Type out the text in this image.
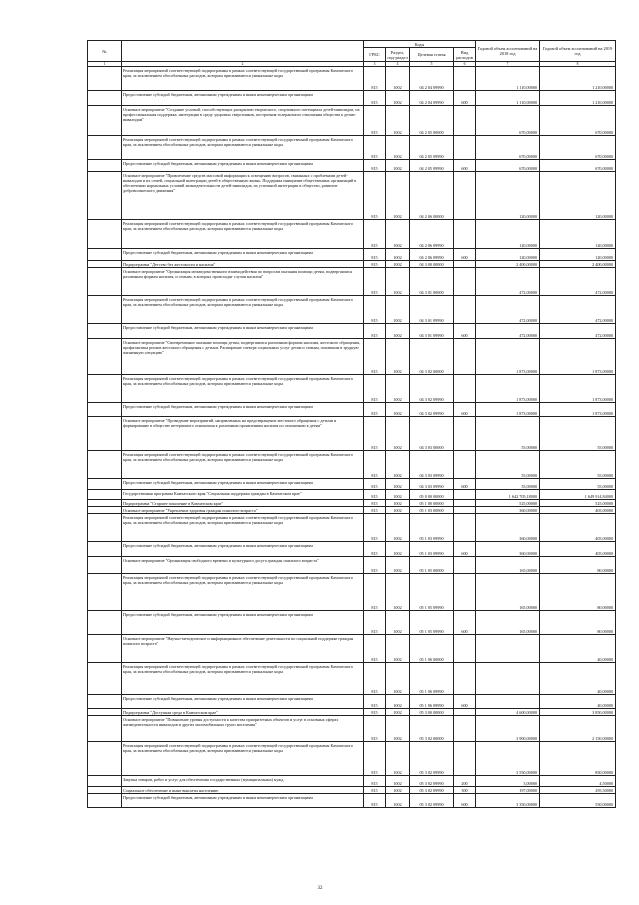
№		Коды				Годовой объем ассигнований на 2018 год	Годовой объем ассигнований на 2019 год
		ГРБС	Раздел, под-раздел	Целевая статья	Вид расходов		
1	2	3	4	5	6	7	8
	Реализация мероприятий соответствующей подпрограммы в рамках соответствующей государственной программы Камчатского края, за исключением обособленных расходов, которым присваиваются уникальные коды	815	1002	04 2 04 09990		1 110,00000	1 210,00000
	Предоставление субсидий бюджетным, автономным учреждениям и иным некоммерческим организациям	815	1002	04 2 04 09990	600	1 110,00000	1 210,00000
	Основное мероприятие "Создание условий, способствующих раскрытию творческого, спортивного потенциала детей-инвалидов, их профессиональная поддержка, интеграция в среду здоровых сверстников, построения толерантного отношения общества к детям-инвалидам"	815	1002	04 2 05 00000		670,00000	670,00000
	Реализация мероприятий соответствующей подпрограммы в рамках соответствующей государственной программы Камчатского края, за исключением обособленных расходов, которым присваиваются уникальные коды	815	1002	04 2 05 09990		670,00000	670,00000
	Предоставление субсидий бюджетным, автономным учреждениям и иным некоммерческим организациям	815	1002	04 2 05 09990	600	670,00000	670,00000
	Основное мероприятие "Привлечение средств массовой информации к освещению вопросов, связанных с проблемами детей-инвалидов и их семей, социальной интеграции детей в общественную жизнь. Поддержка инициатив общественных организаций в обеспечении нормальных условий жизнедеятельности детей-инвалидов, их успешной интеграции в общество, развитие добровольческого движения"	815	1002	04 2 06 00000		120,00000	120,00000
	Реализация мероприятий соответствующей подпрограммы в рамках соответствующей государственной программы Камчатского края, за исключением обособленных расходов, которым присваиваются уникальные коды	815	1002	04 2 06 09990		120,00000	120,00000
	Предоставление субсидий бюджетным, автономным учреждениям и иным некоммерческим организациям	815	1002	04 2 06 09990	600	120,00000	120,00000
	Подпрограмма "Детство без жестокости и насилия"	815	1002	04 3 00 00000		2 400,00000	2 400,00000
	Основное мероприятие "Организация межведомственного взаимодействия по вопросам оказания помощи детям, подвергшимся различным формам насилия, и семьям, в которых происходят случаи насилия"	815	1002	04 3 01 00000		472,00000	472,00000
	Реализация мероприятий соответствующей подпрограммы в рамках соответствующей государственной программы Камчатского края, за исключением обособленных расходов, которым присваиваются уникальные коды	815	1002	04 3 01 09990		472,00000	472,00000
	Предоставление субсидий бюджетным, автономным учреждениям и иным некоммерческим организациям	815	1002	04 3 01 09990	600	472,00000	472,00000
	Основное мероприятие "Своевременное оказание помощи детям, подвергшимся различным формам насилия, жестокого обращения, профилактика рисков жестокого обращения с детьми. Расширение спектра социальных услуг детям и семьям, попавшим в трудную жизненную ситуацию"	815	1002	04 3 02 00000		1 873,00000	1 873,00000
	Реализация мероприятий соответствующей подпрограммы в рамках соответствующей государственной программы Камчатского края, за исключением обособленных расходов, которым присваиваются уникальные коды	815	1002	04 3 02 09990		1 873,00000	1 873,00000
	Предоставление субсидий бюджетным, автономным учреждениям и иным некоммерческим организациям	815	1002	04 3 02 09990	600	1 873,00000	1 873,00000
	Основное мероприятие "Проведение мероприятий, направленных на предотвращение жестокого обращения с детьми и формирование в обществе нетерпимого отношения к различным проявлениям насилия по отношению к детям"	815	1002	04 3 03 00000		55,00000	55,00000
	Реализация мероприятий соответствующей подпрограммы в рамках соответствующей государственной программы Камчатского края, за исключением обособленных расходов, которым присваиваются уникальные коды	815	1002	04 3 03 09990		55,00000	55,00000
	Предоставление субсидий бюджетным, автономным учреждениям и иным некоммерческим организациям	815	1002	04 3 03 09990	600	55,00000	55,00000
	Государственная программа Камчатского края "Социальная поддержка граждан в Камчатском крае"	815	1002	05 0 00 00000		1 642 705,18000	1 649 914,84000
	Подпрограмма "Старшее поколение в Камчатском крае"	815	1002	05 1 00 00000		525,00000	525,00000
	Основное мероприятие "Укрепление здоровья граждан пожилого возраста"	815	1002	05 1 03 00000		360,00000	405,00000
	Реализация мероприятий соответствующей подпрограммы в рамках соответствующей государственной программы Камчатского края, за исключением обособленных расходов, которым присваиваются уникальные коды	815	1002	05 1 03 09990		360,00000	405,00000
	Предоставление субсидий бюджетным, автономным учреждениям и иным некоммерческим организациям	815	1002	05 1 03 09990	600	360,00000	405,00000
	Основное мероприятие "Организация свободного времени и культурного досуга граждан пожилого возраста"	815	1002	05 1 05 00000		165,00000	80,00000
	Реализация мероприятий соответствующей подпрограммы в рамках соответствующей государственной программы Камчатского края, за исключением обособленных расходов, которым присваиваются уникальные коды	815	1002	05 1 05 09990		165,00000	80,00000
	Предоставление субсидий бюджетным, автономным учреждениям и иным некоммерческим организациям	815	1002	05 1 05 09990	600	165,00000	80,00000
	Основное мероприятие "Научно-методическое и информационное обеспечение деятельности по социальной поддержке граждан пожилого возраста"	815	1002	05 1 06 00000			40,00000
	Реализация мероприятий соответствующей подпрограммы в рамках соответствующей государственной программы Камчатского края, за исключением обособленных расходов, которым присваиваются уникальные коды	815	1002	05 1 06 09990			40,00000
	Предоставление субсидий бюджетным, автономным учреждениям и иным некоммерческим организациям	815	1002	05 1 06 09990	600		40,00000
	Подпрограмма "Доступная среда в Камчатском крае"	815	1002	05 3 00 00000		4 600,00000	3 850,00000
	Основное мероприятие "Повышение уровня доступности к качества приоритетных объектов и услуг в основных сферах жизнедеятельности инвалидов и других маломобильных групп населения"	815	1002	05 3 02 00000		3 900,00000	2 150,00000
	Реализация мероприятий соответствующей подпрограммы в рамках соответствующей государственной программы Камчатского края, за исключением обособленных расходов, которым присваиваются уникальные коды	815	1002	05 3 02 09990		3 550,00000	850,00000
	Закупка товаров, работ и услуг для обеспечения государственных (муниципальных) нужд	815	1002	05 3 02 09990	200	3,00000	4,50000
	Социальное обеспечение и иные выплаты населению	815	1002	05 3 02 09990	300	197,00000	295,50000
	Предоставление субсидий бюджетным, автономным учреждениям и иным некоммерческим организациям	815	1002	05 3 02 09990	600	3 350,00000	550,00000
32
